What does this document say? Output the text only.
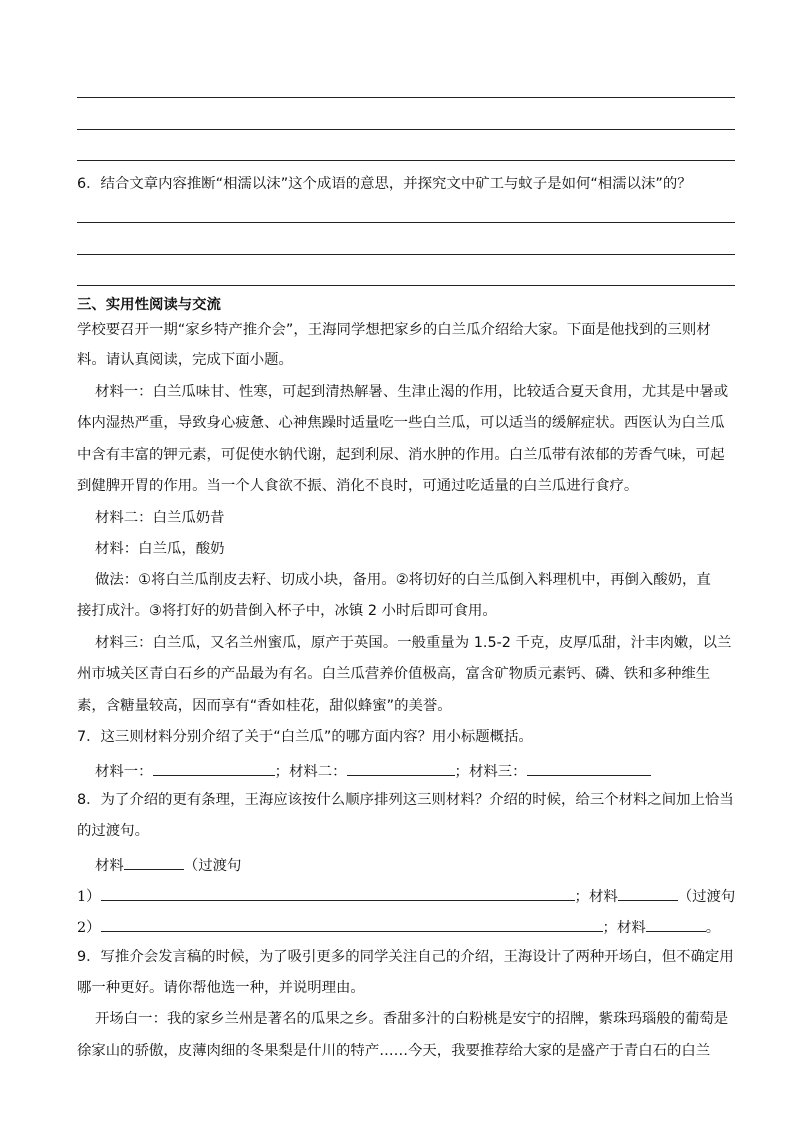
6．结合文章内容推断“相濡以沫”这个成语的意思，并探究文中矿工与蚊子是如何“相濡以沫”的？
三、实用性阅读与交流
学校要召开一期“家乡特产推介会”，王海同学想把家乡的白兰瓜介绍给大家。下面是他找到的三则材
料。请认真阅读，完成下面小题。
材料一：白兰瓜味甘、性寒，可起到清热解暑、生津止渴的作用，比较适合夏天食用，尤其是中暑或
体内湿热严重，导致身心疲惫、心神焦躁时适量吃一些白兰瓜，可以适当的缓解症状。西医认为白兰瓜
中含有丰富的钾元素，可促使水钠代谢，起到利尿、消水肿的作用。白兰瓜带有浓郁的芳香气味，可起
到健脾开胃的作用。当一个人食欲不振、消化不良时，可通过吃适量的白兰瓜进行食疗。
材料二：白兰瓜奶昔
材料：白兰瓜，酸奶
做法：①将白兰瓜削皮去籽、切成小块，备用。②将切好的白兰瓜倒入料理机中，再倒入酸奶，直
接打成汁。③将打好的奶昔倒入杯子中，冰镇 2 小时后即可食用。
材料三：白兰瓜，又名兰州蜜瓜，原产于英国。一般重量为 1.5-2 千克，皮厚瓜甜，汁丰肉嫩，以兰
州市城关区青白石乡的产品最为有名。白兰瓜营养价值极高，富含矿物质元素钙、磷、铁和多种维生
素，含糖量较高，因而享有“香如桂花，甜似蜂蜜”的美誉。
7．这三则材料分别介绍了关于“白兰瓜”的哪方面内容？用小标题概括。
材料一：	；材料二：	；材料三：
8．为了介绍的更有条理，王海应该按什么顺序排列这三则材料？介绍的时候，给三个材料之间加上恰当
的过渡句。
材料	（过渡句
1）	；材料	（过渡句
2）	；材料	。
9．写推介会发言稿的时候，为了吸引更多的同学关注自己的介绍，王海设计了两种开场白，但不确定用
哪一种更好。请你帮他选一种，并说明理由。
开场白一：我的家乡兰州是著名的瓜果之乡。香甜多汁的白粉桃是安宁的招牌，紫珠玛瑙般的葡萄是
徐家山的骄傲，皮薄肉细的冬果梨是什川的特产……今天，我要推荐给大家的是盛产于青白石的白兰
